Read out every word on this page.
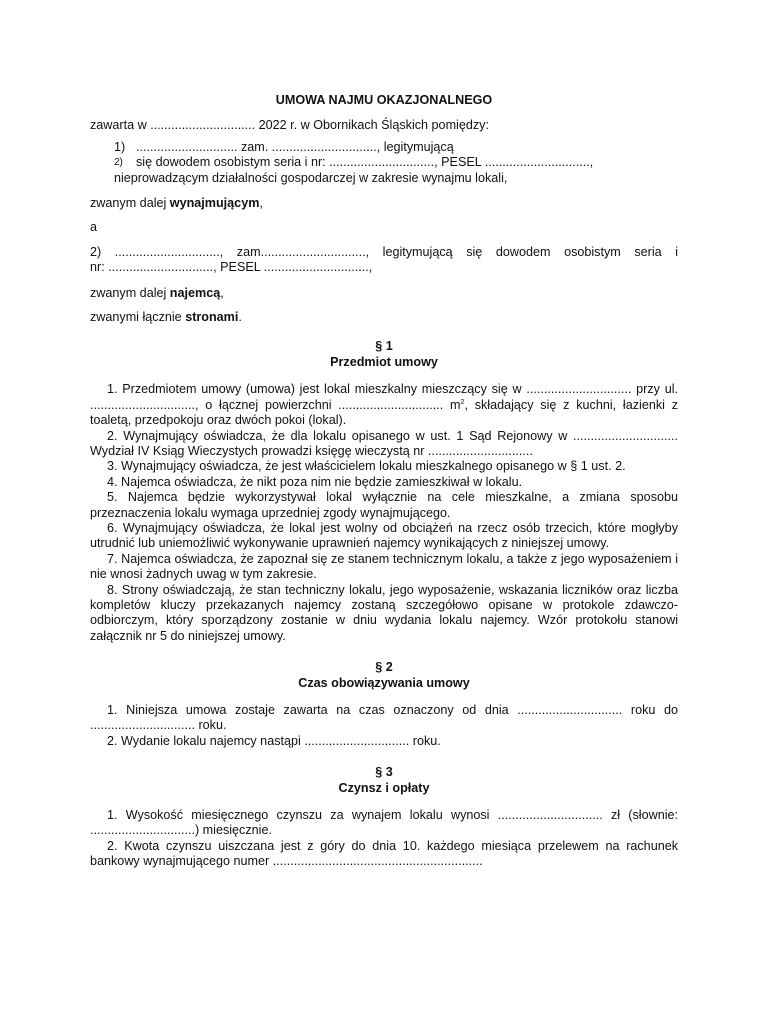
UMOWA NAJMU OKAZJONALNEGO

zawarta w .............................. 2022 r. w Obornikach Śląskich pomiędzy:

1) ............................. zam. .............................., legitymującą
2)	się dowodem osobistym seria i nr: .............................., PESEL ..............................,
nieprowadzącym działalności gospodarczej w zakresie wynajmu lokali,

zwanym dalej wynajmującym,

a

2) .............................., zam.............................., legitymującą się dowodem osobistym seria i

nr: .............................., PESEL ..............................,

zwanym dalej najemcą,

zwanymi łącznie stronami.

§ 1

Przedmiot umowy

1. Przedmiotem umowy (umowa) jest lokal mieszkalny mieszczący się w .............................. przy ul. .............................., o łącznej powierzchni .............................. $m^2$, składający się z kuchni, łazienki z toaletą, przedpokoju oraz dwóch pokoi (lokal).

2. Wynajmujący oświadcza, że dla lokalu opisanego w ust. 1 Sąd Rejonowy w .............................. Wydział IV Ksiąg Wieczystych prowadzi księgę wieczystą nr ..............................

3. Wynajmujący oświadcza, że jest właścicielem lokalu mieszkalnego opisanego w § 1 ust. 2.

4. Najemca oświadcza, że nikt poza nim nie będzie zamieszkiwał w lokalu.

5. Najemca będzie wykorzystywał lokal wyłącznie na cele mieszkalne, a zmiana sposobu przeznaczenia lokalu wymaga uprzedniej zgody wynajmującego.

6. Wynajmujący oświadcza, że lokal jest wolny od obciążeń na rzecz osób trzecich, które mogłyby utrudnić lub uniemożliwić wykonywanie uprawnień najemcy wynikających z niniejszej umowy.

7. Najemca oświadcza, że zapoznał się ze stanem technicznym lokalu, a także z jego wyposażeniem i nie wnosi żadnych uwag w tym zakresie.

8. Strony oświadczają, że stan techniczny lokalu, jego wyposażenie, wskazania liczników oraz liczba kompletów kluczy przekazanych najemcy zostaną szczegółowo opisane w protokole zdawczo-odbiorczym, który sporządzony zostanie w dniu wydania lokalu najemcy. Wzór protokołu stanowi załącznik nr 5 do niniejszej umowy.

§ 2

Czas obowiązywania umowy

1. Niniejsza umowa zostaje zawarta na czas oznaczony od dnia .............................. roku do .............................. roku.

2. Wydanie lokalu najemcy nastąpi .............................. roku.

§ 3

Czynsz i opłaty

1. Wysokość miesięcznego czynszu za wynajem lokalu wynosi .............................. zł (słownie: ..............................) miesięcznie.

2. Kwota czynszu uiszczana jest z góry do dnia 10. każdego miesiąca przelewem na rachunek bankowy wynajmującego numer ............................................................
